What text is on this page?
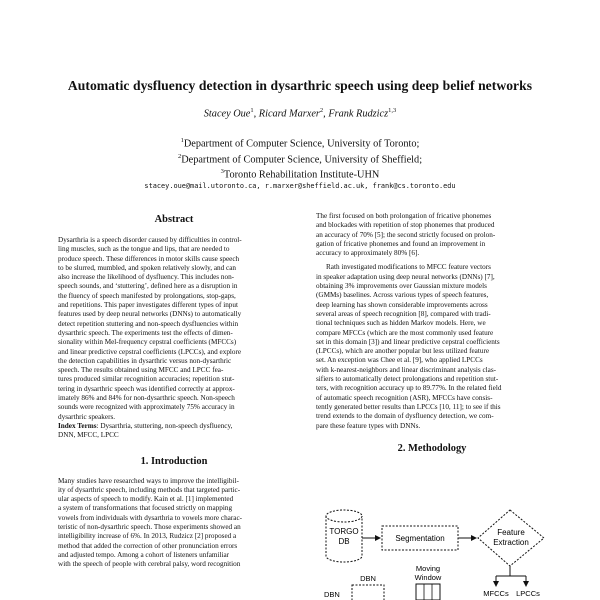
Automatic dysfluency detection in dysarthric speech using deep belief networks
Stacey Oue$^1$, Ricard Marxer$^2$, Frank Rudzicz$^{1,3}$
$^1$Department of Computer Science, University of Toronto;
$^2$Department of Computer Science, University of Sheffield;
$^3$Toronto Rehabilitation Institute-UHN
stacey.oue@mail.utoronto.ca, r.marxer@sheffield.ac.uk, frank@cs.toronto.edu
Abstract
Dysarthria is a speech disorder caused by difficulties in control-
ling muscles, such as the tongue and lips, that are needed to
produce speech. These differences in motor skills cause speech
to be slurred, mumbled, and spoken relatively slowly, and can
also increase the likelihood of dysfluency. This includes non-
speech sounds, and ‘stuttering’, defined here as a disruption in
the fluency of speech manifested by prolongations, stop-gaps,
and repetitions. This paper investigates different types of input
features used by deep neural networks (DNNs) to automatically
detect repetition stuttering and non-speech dysfluencies within
dysarthric speech. The experiments test the effects of dimen-
sionality within Mel-frequency cepstral coefficients (MFCCs)
and linear predictive cepstral coefficients (LPCCs), and explore
the detection capabilities in dysarthric versus non-dysarthric
speech. The results obtained using MFCC and LPCC fea-
tures produced similar recognition accuracies; repetition stut-
tering in dysarthric speech was identified correctly at approx-
imately 86% and 84% for non-dysarthric speech. Non-speech
sounds were recognized with approximately 75% accuracy in
dysarthric speakers.
Index Terms: Dysarthria, stuttering, non-speech dysfluency,
DNN, MFCC, LPCC
1. Introduction
Many studies have researched ways to improve the intelligibil-
ity of dysarthric speech, including methods that targeted partic-
ular aspects of speech to modify. Kain et al. [1] implemented
a system of transformations that focused strictly on mapping
vowels from individuals with dysarthria to vowels more charac-
teristic of non-dysarthric speech. Those experiments showed an
intelligibility increase of 6%. In 2013, Rudzicz [2] proposed a
method that added the correction of other pronunciation errors
and adjusted tempo. Among a cohort of listeners unfamiliar
with the speech of people with cerebral palsy, word recognition
The first focused on both prolongation of fricative phonemes
and blockades with repetition of stop phonemes that produced
an accuracy of 70% [5]; the second strictly focused on prolon-
gation of fricative phonemes and found an improvement in
accuracy to approximately 80% [6].
Rath investigated modifications to MFCC feature vectors
in speaker adaptation using deep neural networks (DNNs) [7],
obtaining 3% improvements over Gaussian mixture models
(GMMs) baselines. Across various types of speech features,
deep learning has shown considerable improvements across
several areas of speech recognition [8], compared with tradi-
tional techniques such as hidden Markov models. Here, we
compare MFCCs (which are the most commonly used feature
set in this domain [3]) and linear predictive cepstral coefficients
(LPCCs), which are another popular but less utilized feature
set. An exception was Chee et al. [9], who applied LPCCs
with k-nearest-neighbors and linear discriminant analysis clas-
sifiers to automatically detect prolongations and repetition stut-
ters, with recognition accuracy up to 89.77%. In the related field
of automatic speech recognition (ASR), MFCCs have consis-
tently generated better results than LPCCs [10, 11]; to see if this
trend extends to the domain of dysfluency detection, we com-
pare these feature types with DNNs.
2. Methodology
TORGO
DB	Segmentation
Feature
Extraction
MFCCs LPCCs
DBN
Moving
Window
DBN
